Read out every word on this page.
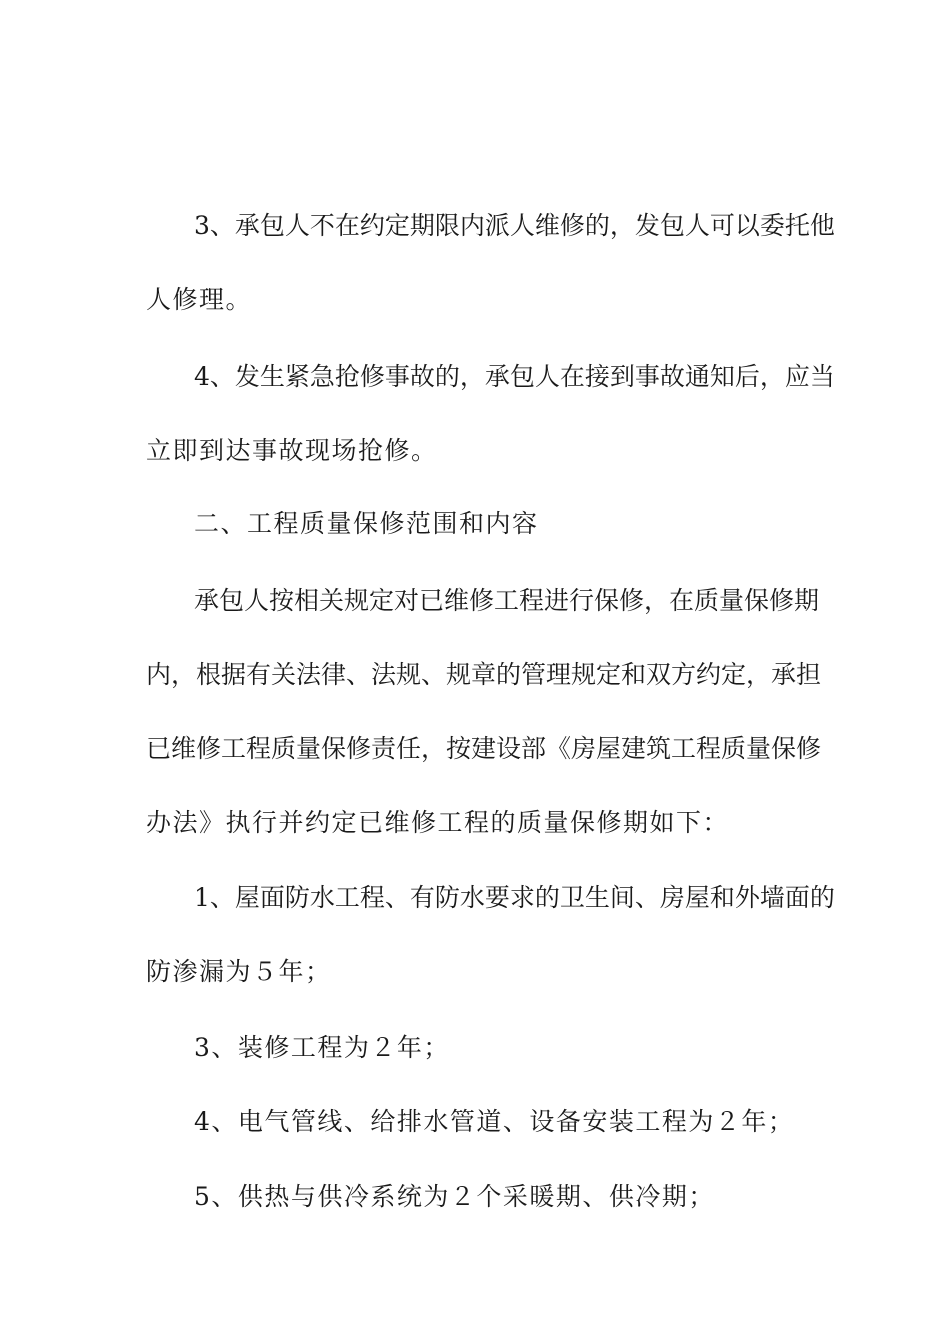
3、承包人不在约定期限内派人维修的，发包人可以委托他
人修理。
4、发生紧急抢修事故的，承包人在接到事故通知后，应当
立即到达事故现场抢修。
二、工程质量保修范围和内容
承包人按相关规定对已维修工程进行保修，在质量保修期
内，根据有关法律、法规、规章的管理规定和双方约定，承担
已维修工程质量保修责任，按建设部《房屋建筑工程质量保修
办法》执行并约定已维修工程的质量保修期如下：
1、屋面防水工程、有防水要求的卫生间、房屋和外墙面的
防渗漏为５年；
3、装修工程为２年；
4、电气管线、给排水管道、设备安装工程为２年；
5、供热与供冷系统为２个采暖期、供冷期；
